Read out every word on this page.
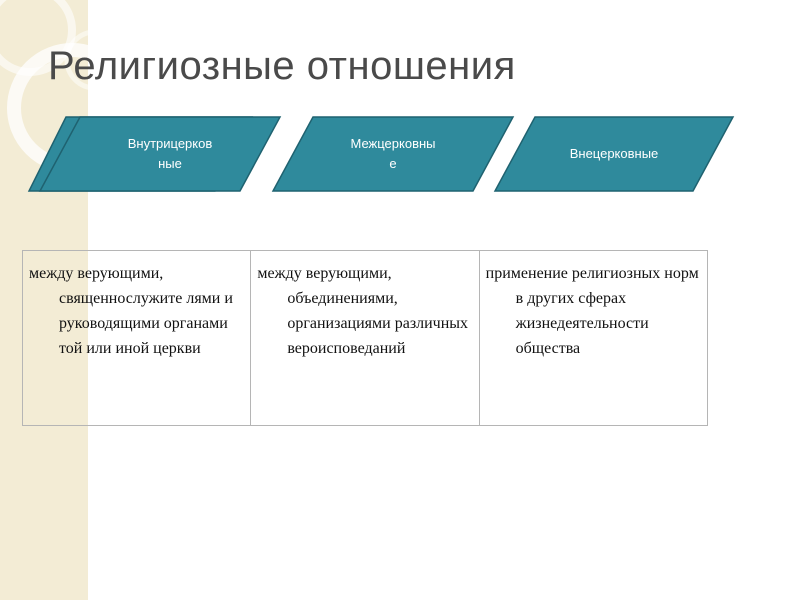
Религиозные отношения
Внутрицерков
ные
Межцерковны
е
Внецерковные

между верующими, священнослужите лями и руководящими органами той или иной церкви

между верующими, объединениями, организациями различных вероисповеданий

применение религиозных норм в других сферах жизнедеятельности общества
